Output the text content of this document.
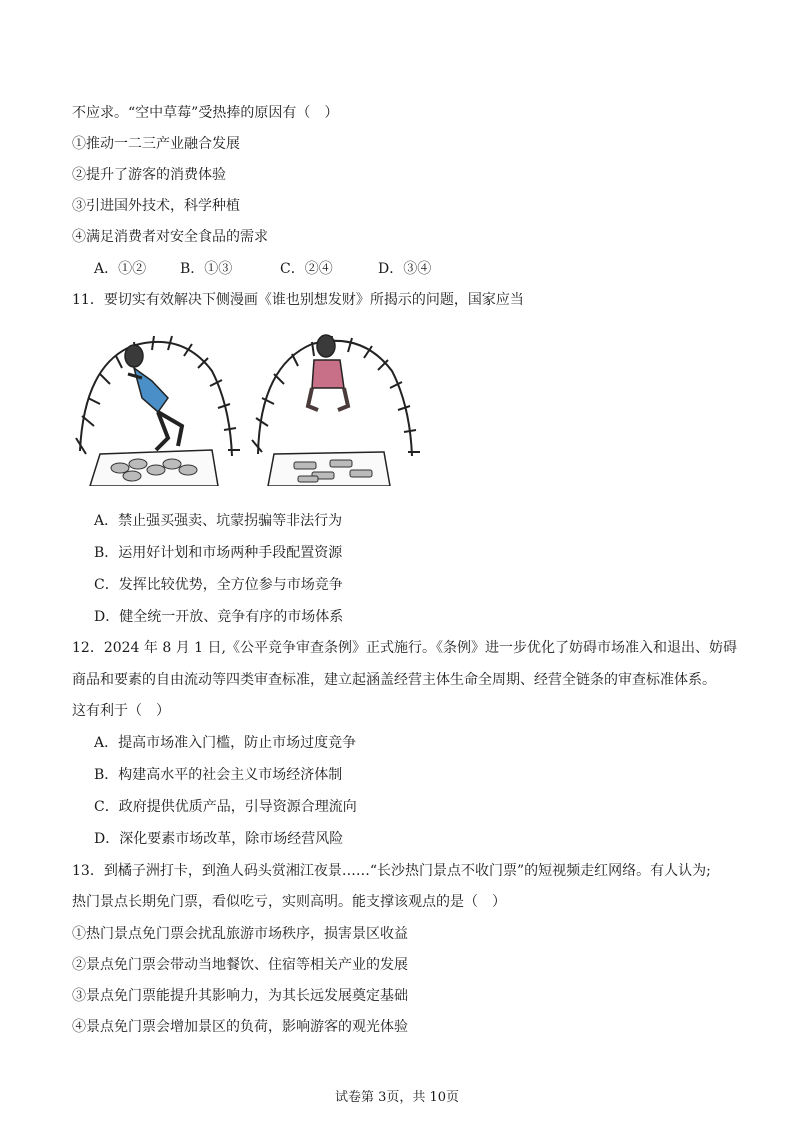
不应求。“空中草莓”受热捧的原因有（　）
①推动一二三产业融合发展
②提升了游客的消费体验
③引进国外技术，科学种植
④满足消费者对安全食品的需求
A．①② B．①③	C．②④	D．③④
11．要切实有效解决下侧漫画《谁也别想发财》所揭示的问题，国家应当
A．禁止强买强卖、坑蒙拐骗等非法行为
B．运用好计划和市场两种手段配置资源
C．发挥比较优势，全方位参与市场竞争
D．健全统一开放、竞争有序的市场体系
12．2024 年 8 月 1 日,《公平竞争审查条例》正式施行。《条例》进一步优化了妨碍市场准入和退出、妨碍
商品和要素的自由流动等四类审查标准，建立起涵盖经营主体生命全周期、经营全链条的审查标准体系。
这有利于（　）
A．提高市场准入门槛，防止市场过度竞争
B．构建高水平的社会主义市场经济体制
C．政府提供优质产品，引导资源合理流向
D．深化要素市场改革，除市场经营风险
13．到橘子洲打卡，到渔人码头赏湘江夜景……“长沙热门景点不收门票”的短视频走红网络。有人认为;
热门景点长期免门票，看似吃亏，实则高明。能支撑该观点的是（　）
①热门景点免门票会扰乱旅游市场秩序，损害景区收益
②景点免门票会带动当地餐饮、住宿等相关产业的发展
③景点免门票能提升其影响力，为其长远发展奠定基础
④景点免门票会增加景区的负荷，影响游客的观光体验
试卷第 3页，共 10页
